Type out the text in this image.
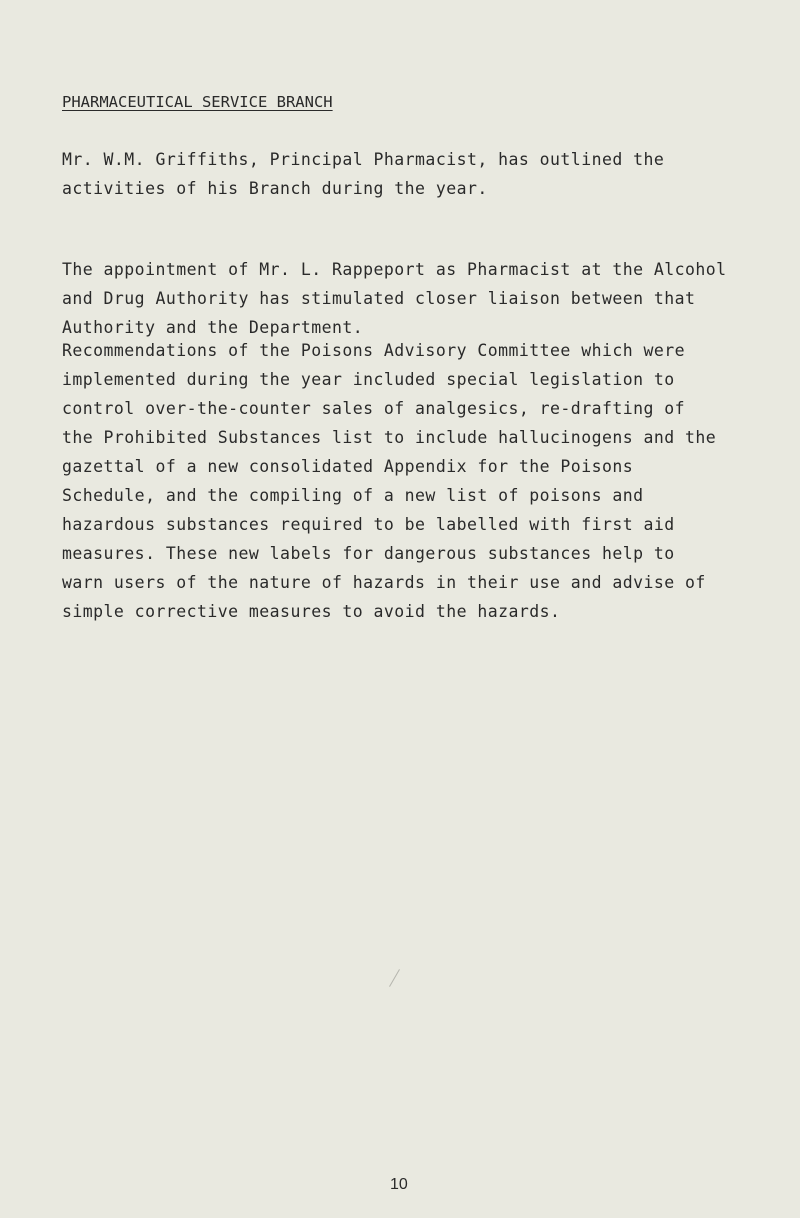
PHARMACEUTICAL SERVICE BRANCH
Mr. W.M. Griffiths, Principal Pharmacist, has outlined the
activities of his Branch during the year.
The appointment of Mr. L. Rappeport as Pharmacist at the Alcohol
and Drug Authority has stimulated closer liaison between that
Authority and the Department.
Recommendations of the Poisons Advisory Committee which were
implemented during the year included special legislation to
control over-the-counter sales of analgesics, re-drafting of
the Prohibited Substances list to include hallucinogens and the
gazettal of a new consolidated Appendix for the Poisons
Schedule, and the compiling of a new list of poisons and
hazardous substances required to be labelled with first aid
measures. These new labels for dangerous substances help to
warn users of the nature of hazards in their use and advise of
simple corrective measures to avoid the hazards.
10
